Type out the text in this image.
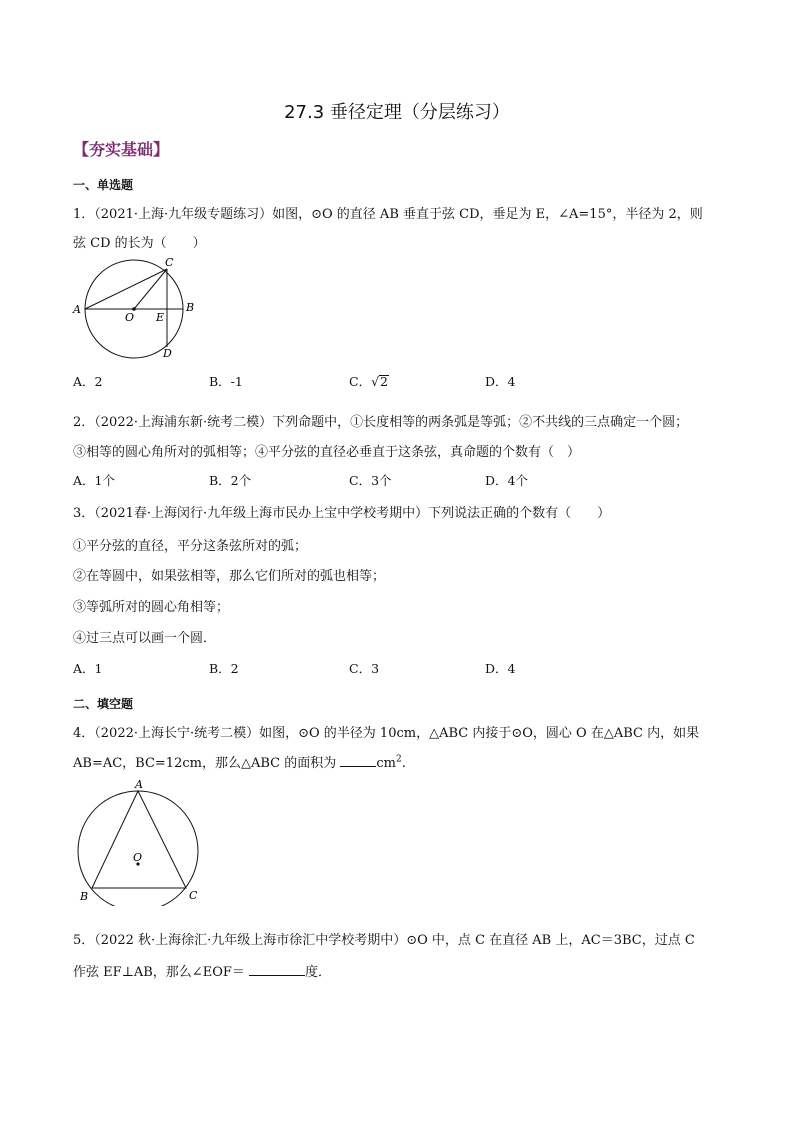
27.3 垂径定理（分层练习）
【夯实基础】
一、单选题
1．（2021·上海·九年级专题练习）如图，⊙O 的直径 AB 垂直于弦 CD，垂足为 E，∠A=15°，半径为 2，则
弦 CD 的长为（　　）
A	B
C
D
O E
A．2	B．-1	C．√2	D．4
2．（2022·上海浦东新·统考二模）下列命题中，①长度相等的两条弧是等弧；②不共线的三点确定一个圆；
③相等的圆心角所对的弧相等；④平分弦的直径必垂直于这条弦，真命题的个数有（　）
A．1个	B．2个	C．3个	D．4个
3．（2021春·上海闵行·九年级上海市民办上宝中学校考期中）下列说法正确的个数有（　　）
①平分弦的直径，平分这条弦所对的弧；
②在等圆中，如果弦相等，那么它们所对的弧也相等；
③等弧所对的圆心角相等；
④过三点可以画一个圆．
A．1	B．2	C．3	D．4
二、填空题
4．（2022·上海长宁·统考二模）如图，⊙O 的半径为 10cm，△ABC 内接于⊙O，圆心 O 在△ABC 内，如果
AB=AC，BC=12cm，那么△ABC 的面积为	$cm^2$.
A
B	C
O
5．（2022 秋·上海徐汇·九年级上海市徐汇中学校考期中）⊙O 中，点 C 在直径 AB 上，AC＝3BC，过点 C
作弦 EF⊥AB，那么∠EOF＝	度．
